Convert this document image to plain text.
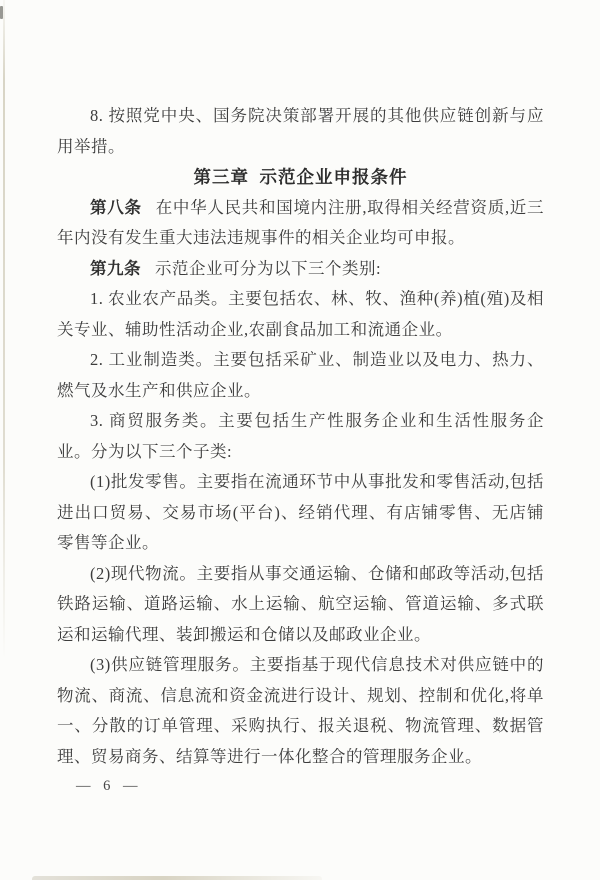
8. 按照党中央、国务院决策部署开展的其他供应链创新与应用举措。

第三章 示范企业申报条件

第八条 在中华人民共和国境内注册,取得相关经营资质,近三年内没有发生重大违法违规事件的相关企业均可申报。

第九条 示范企业可分为以下三个类别:

1. 农业农产品类。主要包括农、林、牧、渔种(养)植(殖)及相关专业、辅助性活动企业,农副食品加工和流通企业。

2. 工业制造类。主要包括采矿业、制造业以及电力、热力、燃气及水生产和供应企业。

3. 商贸服务类。主要包括生产性服务企业和生活性服务企业。分为以下三个子类:

(1)批发零售。主要指在流通环节中从事批发和零售活动,包括进出口贸易、交易市场(平台)、经销代理、有店铺零售、无店铺零售等企业。

(2)现代物流。主要指从事交通运输、仓储和邮政等活动,包括铁路运输、道路运输、水上运输、航空运输、管道运输、多式联运和运输代理、装卸搬运和仓储以及邮政业企业。

(3)供应链管理服务。主要指基于现代信息技术对供应链中的物流、商流、信息流和资金流进行设计、规划、控制和优化,将单一、分散的订单管理、采购执行、报关退税、物流管理、数据管理、贸易商务、结算等进行一体化整合的管理服务企业。

— 6 —
